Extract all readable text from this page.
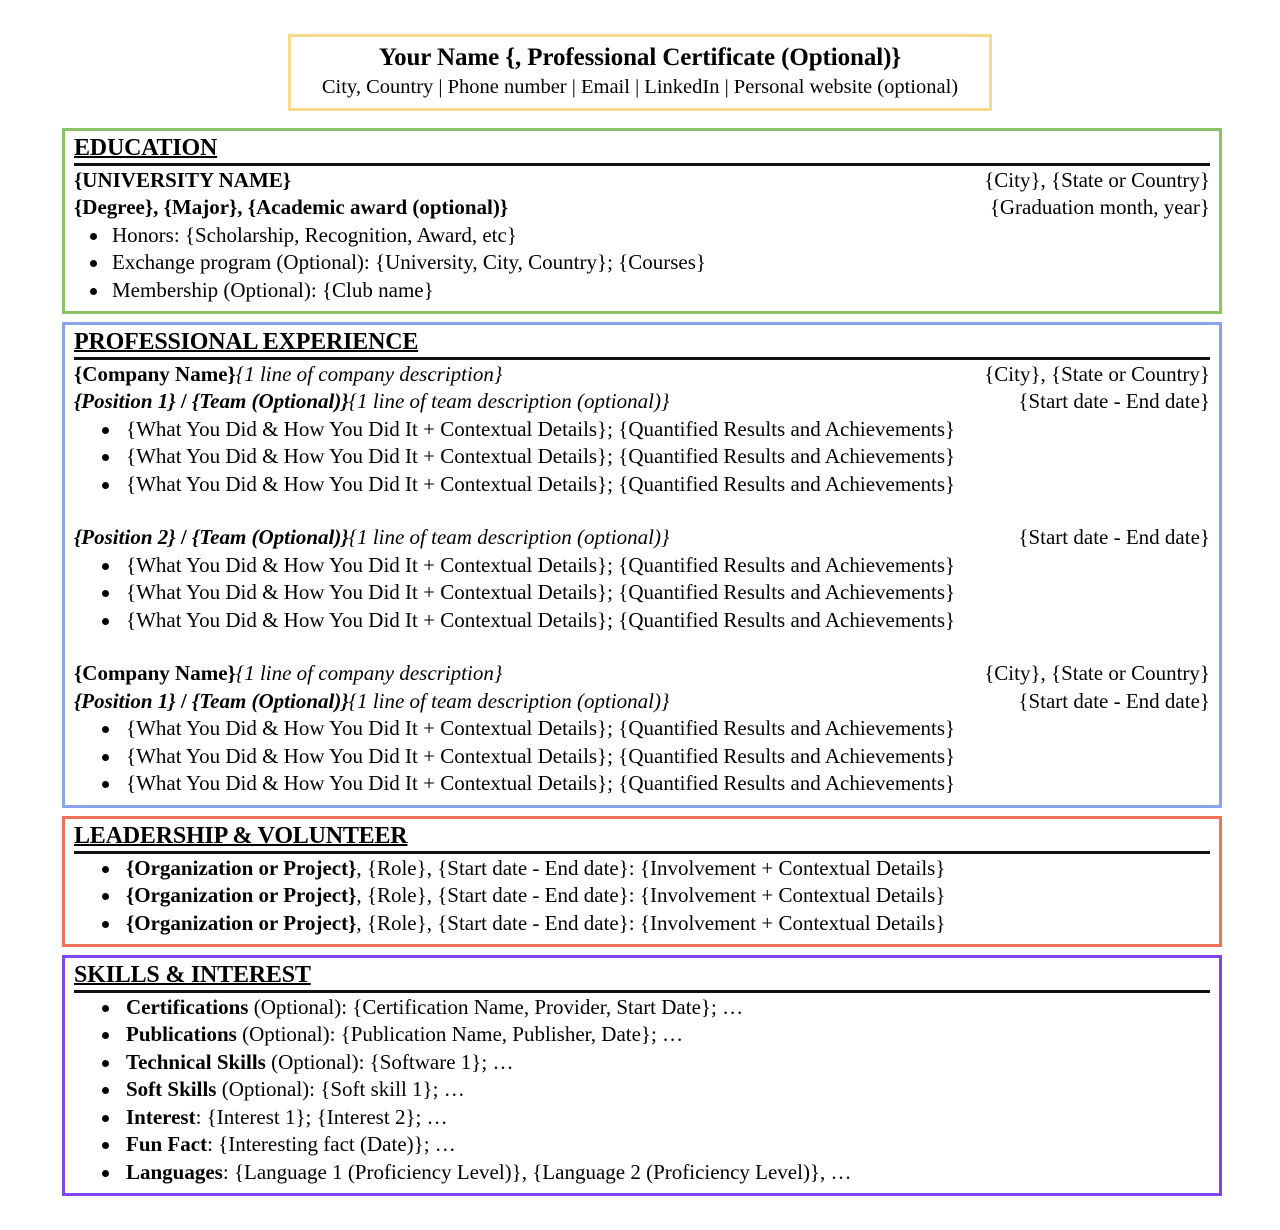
Your Name {, Professional Certificate (Optional)}
City, Country | Phone number | Email | LinkedIn | Personal website (optional)
EDUCATION
{UNIVERSITY NAME}	{City}, {State or Country}
{Degree}, {Major}, {Academic award (optional)}	{Graduation month, year}
Honors: {Scholarship, Recognition, Award, etc}
Exchange program (Optional): {University, City, Country}; {Courses}
Membership (Optional): {Club name}
PROFESSIONAL EXPERIENCE
{Company Name}{1 line of company description}	{City}, {State or Country}
{Position 1} / {Team (Optional)}{1 line of team description (optional)}	{Start date - End date}
{What You Did & How You Did It + Contextual Details}; {Quantified Results and Achievements}
{What You Did & How You Did It + Contextual Details}; {Quantified Results and Achievements}
{What You Did & How You Did It + Contextual Details}; {Quantified Results and Achievements}
{Position 2} / {Team (Optional)}{1 line of team description (optional)}	{Start date - End date}
{What You Did & How You Did It + Contextual Details}; {Quantified Results and Achievements}
{What You Did & How You Did It + Contextual Details}; {Quantified Results and Achievements}
{What You Did & How You Did It + Contextual Details}; {Quantified Results and Achievements}
{Company Name}{1 line of company description}	{City}, {State or Country}
{Position 1} / {Team (Optional)}{1 line of team description (optional)}	{Start date - End date}
{What You Did & How You Did It + Contextual Details}; {Quantified Results and Achievements}
{What You Did & How You Did It + Contextual Details}; {Quantified Results and Achievements}
{What You Did & How You Did It + Contextual Details}; {Quantified Results and Achievements}
LEADERSHIP & VOLUNTEER
{Organization or Project}, {Role}, {Start date - End date}: {Involvement + Contextual Details}
{Organization or Project}, {Role}, {Start date - End date}: {Involvement + Contextual Details}
{Organization or Project}, {Role}, {Start date - End date}: {Involvement + Contextual Details}
SKILLS & INTEREST
Certifications (Optional): {Certification Name, Provider, Start Date}; …
Publications (Optional): {Publication Name, Publisher, Date}; …
Technical Skills (Optional): {Software 1}; …
Soft Skills (Optional): {Soft skill 1}; …
Interest: {Interest 1}; {Interest 2}; …
Fun Fact: {Interesting fact (Date)}; …
Languages: {Language 1 (Proficiency Level)}, {Language 2 (Proficiency Level)}, …
